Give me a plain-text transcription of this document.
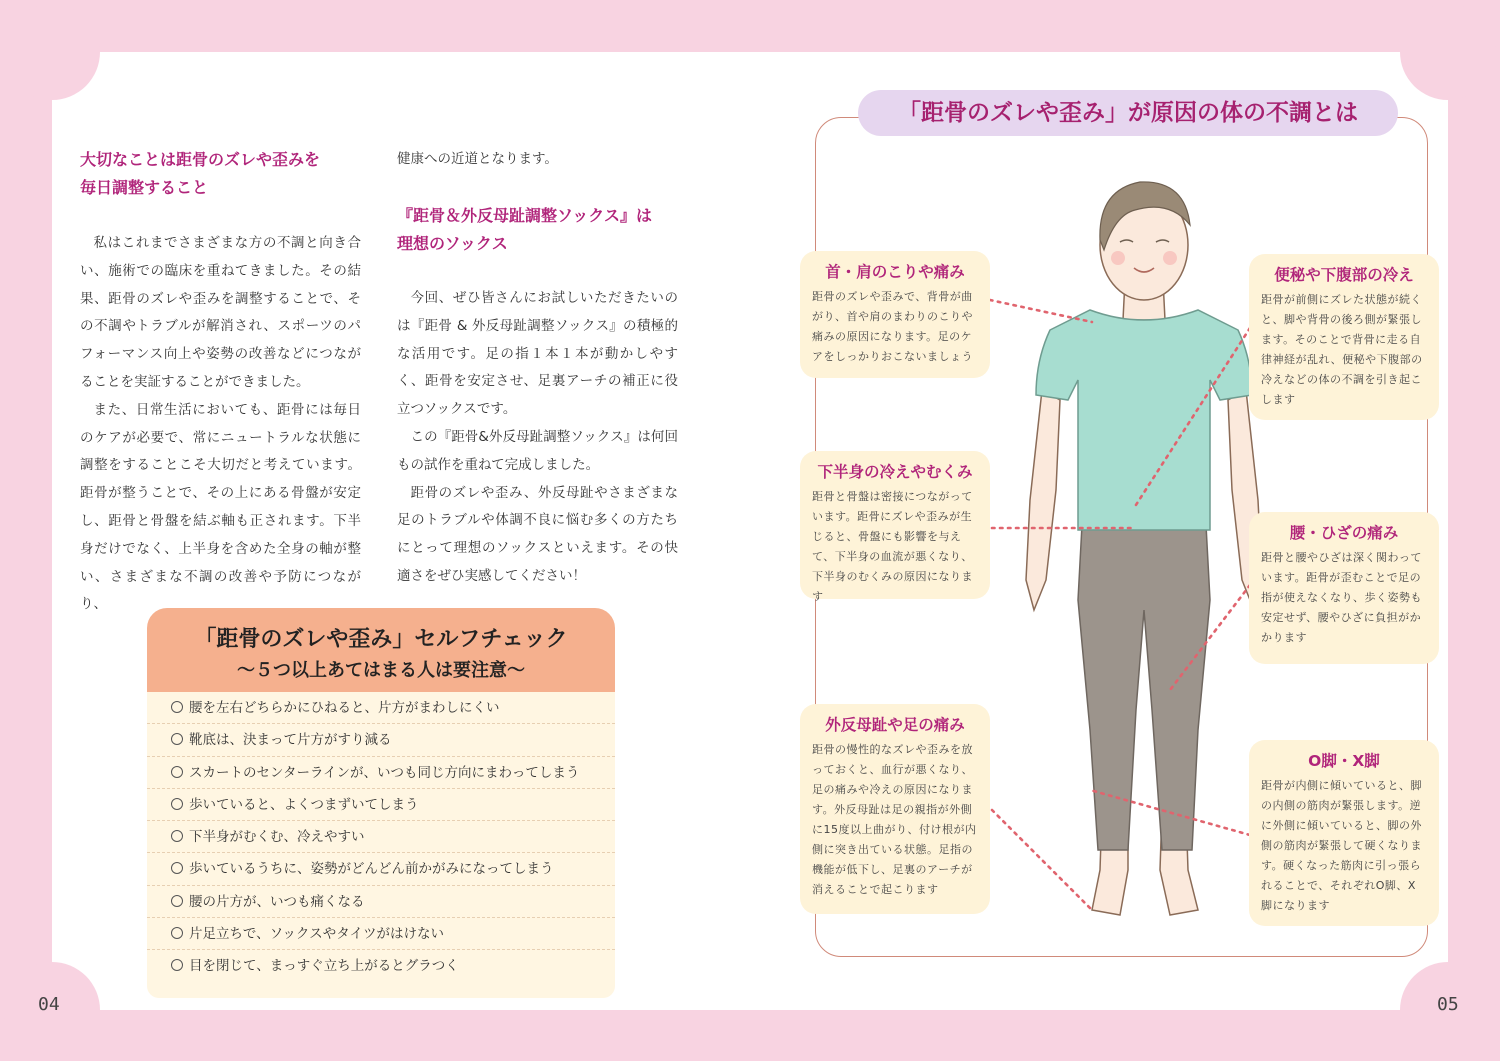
大切なことは距骨のズレや歪みを
毎日調整すること

私はこれまでさまざまな方の不調と向き合い、施術での臨床を重ねてきました。その結果、距骨のズレや歪みを調整することで、その不調やトラブルが解消され、スポーツのパフォーマンス向上や姿勢の改善などにつながることを実証することができました。

また、日常生活においても、距骨には毎日のケアが必要で、常にニュートラルな状態に調整をすることこそ大切だと考えています。距骨が整うことで、その上にある骨盤が安定し、距骨と骨盤を結ぶ軸も正されます。下半身だけでなく、上半身を含めた全身の軸が整い、さまざまな不調の改善や予防につながり、

健康への近道となります。
『距骨＆外反母趾調整ソックス』は
理想のソックス

今回、ぜひ皆さんにお試しいただきたいのは『距骨 & 外反母趾調整ソックス』の積極的な活用です。足の指１本１本が動かしやすく、距骨を安定させ、足裏アーチの補正に役立つソックスです。

この『距骨&外反母趾調整ソックス』は何回もの試作を重ねて完成しました。

距骨のズレや歪み、外反母趾やさまざまな足のトラブルや体調不良に悩む多くの方たちにとって理想のソックスといえます。その快適さをぜひ実感してください！

「距骨のズレや歪み」セルフチェック
〜５つ以上あてはまる人は要注意〜
腰を左右どちらかにひねると、片方がまわしにくい
靴底は、決まって片方がすり減る
スカートのセンターラインが、いつも同じ方向にまわってしまう
歩いていると、よくつまずいてしまう
下半身がむくむ、冷えやすい
歩いているうちに、姿勢がどんどん前かがみになってしまう
腰の片方が、いつも痛くなる
片足立ちで、ソックスやタイツがはけない
目を閉じて、まっすぐ立ち上がるとグラつく
04
「距骨のズレや歪み」が原因の体の不調とは
首・肩のこりや痛み

距骨のズレや歪みで、背骨が曲がり、首や肩のまわりのこりや痛みの原因になります。足のケアをしっかりおこないましょう

下半身の冷えやむくみ

距骨と骨盤は密接につながっています。距骨にズレや歪みが生じると、骨盤にも影響を与えて、下半身の血流が悪くなり、下半身のむくみの原因になります

外反母趾や足の痛み

距骨の慢性的なズレや歪みを放っておくと、血行が悪くなり、足の痛みや冷えの原因になります。外反母趾は足の親指が外側に15度以上曲がり、付け根が内側に突き出ている状態。足指の機能が低下し、足裏のアーチが消えることで起こります

便秘や下腹部の冷え

距骨が前側にズレた状態が続くと、脚や背骨の後ろ側が緊張します。そのことで背骨に走る自律神経が乱れ、便秘や下腹部の冷えなどの体の不調を引き起こします

腰・ひざの痛み

距骨と腰やひざは深く関わっています。距骨が歪むことで足の指が使えなくなり、歩く姿勢も安定せず、腰やひざに負担がかかります

O脚・X脚

距骨が内側に傾いていると、脚の内側の筋肉が緊張します。逆に外側に傾いていると、脚の外側の筋肉が緊張して硬くなります。硬くなった筋肉に引っ張られることで、それぞれO脚、X脚になります

05
